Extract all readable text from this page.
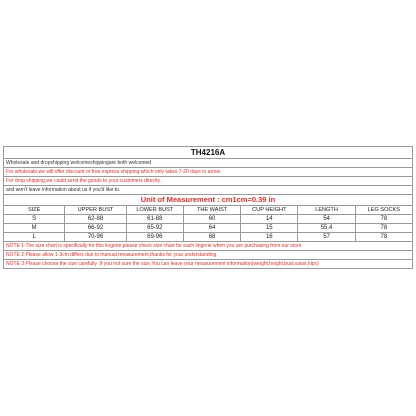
TH4216A						
Wholesale and dropshipping welcomeshippingare both welcomed						
For wholesale,we will offer discount or free express shipping which only takes 7-20 days to arrive.						
For drop shipping,we could send the goods to your customers directly.						
and won't leave information about us if you'd like to.						
Unit of Measurement : cm1cm=0.39 in						
SIZE	UPPER BUST	LOWER BUST	THE WAIST	CUP HEIGHT	LENGTH	LEG SOCKS
S	62-88	61-88	60	14	54	78
M	66-92	65-92	64	15	55.4	78
L	70-96	69-96	68	16	57	78
NOTE 1:The size chart is specifically for this lingerie,please check size chart for each lingerie when you are purchasing from our store						
NOTE 2:Please allow 1-3cm differs due to manual measurement,thanks for your understanding						
NOTE 3:Please choose the size carefully ,If you not sure the size,You can leave your measurement information(weight,height,bust,waist,hips)						
